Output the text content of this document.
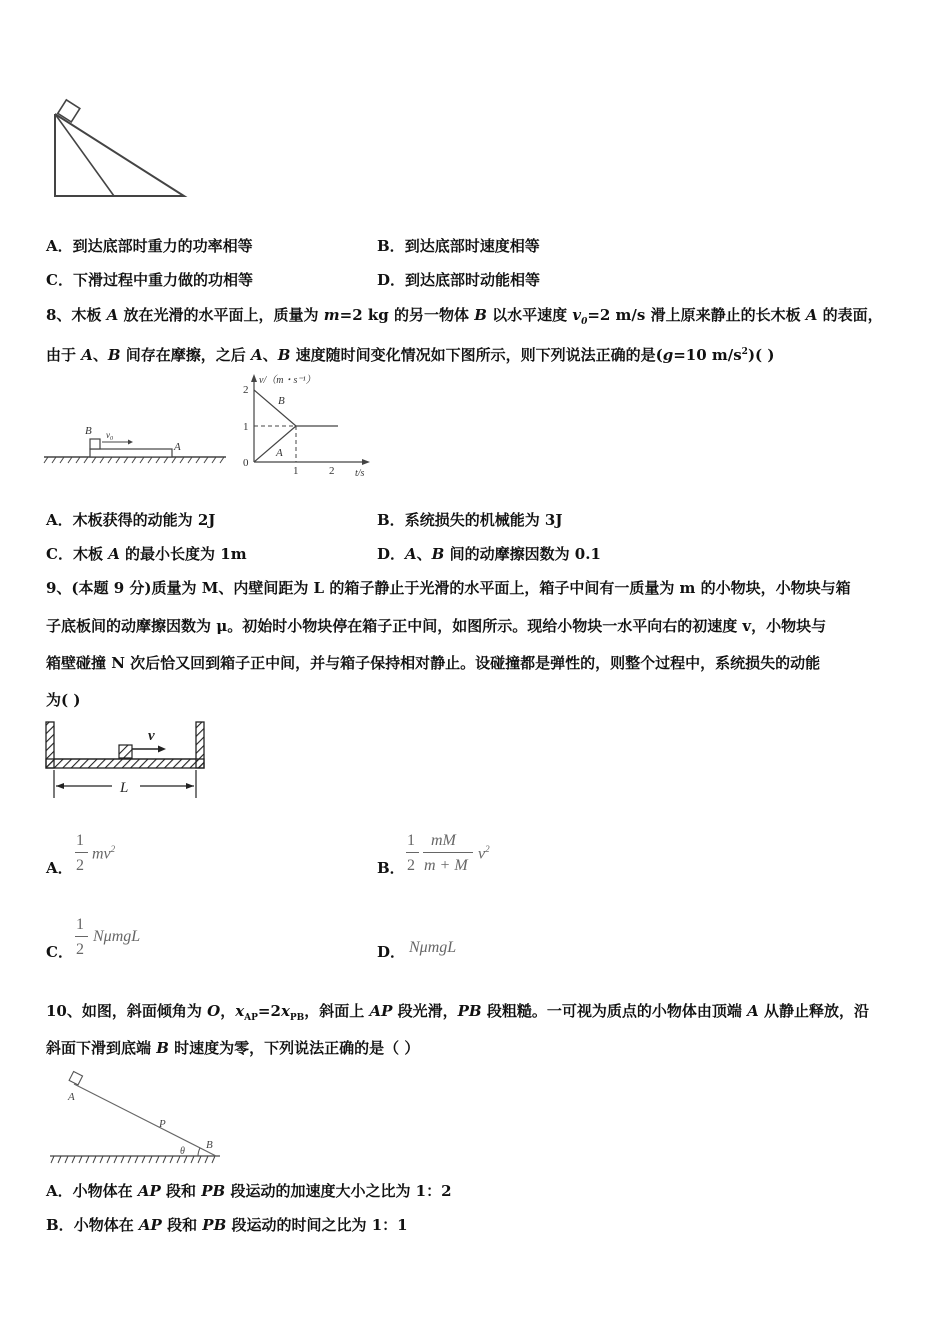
A．到达底部时重力的功率相等	B．到达底部时速度相等
C．下滑过程中重力做的功相等	D．到达底部时动能相等
8、木板 A 放在光滑的水平面上，质量为 m=2 kg 的另一物体 B 以水平速度 $v_0=2$ m/s 滑上原来静止的长木板 A 的表面，
由于 A、B 间存在摩擦，之后 A、B 速度随时间变化情况如下图所示，则下列说法正确的是(g=10 $m/s^2$)( )
B $v_0$
A
v/（m・s⁻¹）
2
1
0
1	2 t/s
B
A
A．木板获得的动能为 2J	B．系统损失的机械能为 3J
C．木板 A 的最小长度为 1m	D．A、B 间的动摩擦因数为 0.1
9、(本题 9 分)质量为 M、内壁间距为 L 的箱子静止于光滑的水平面上，箱子中间有一质量为 m 的小物块，小物块与箱
子底板间的动摩擦因数为 μ。初始时小物块停在箱子正中间，如图所示。现给小物块一水平向右的初速度 v，小物块与
箱壁碰撞 N 次后恰又回到箱子正中间，并与箱子保持相对静止。设碰撞都是弹性的，则整个过程中，系统损失的动能
为( )
v
L
A．
1
2
$mv^2$
B．
1
2
mM
m + M
$v^2$
C．
1
2
NμmgL
D． NμmgL
10、如图，斜面倾角为 O，$x_{AP}=2x_{PB}$，斜面上 AP 段光滑，PB 段粗糙。一可视为质点的小物体由顶端 A 从静止释放，沿
斜面下滑到底端 B 时速度为零，下列说法正确的是（ ）
A
P
B
θ
A．小物体在 AP 段和 PB 段运动的加速度大小之比为 1：2
B．小物体在 AP 段和 PB 段运动的时间之比为 1：1
